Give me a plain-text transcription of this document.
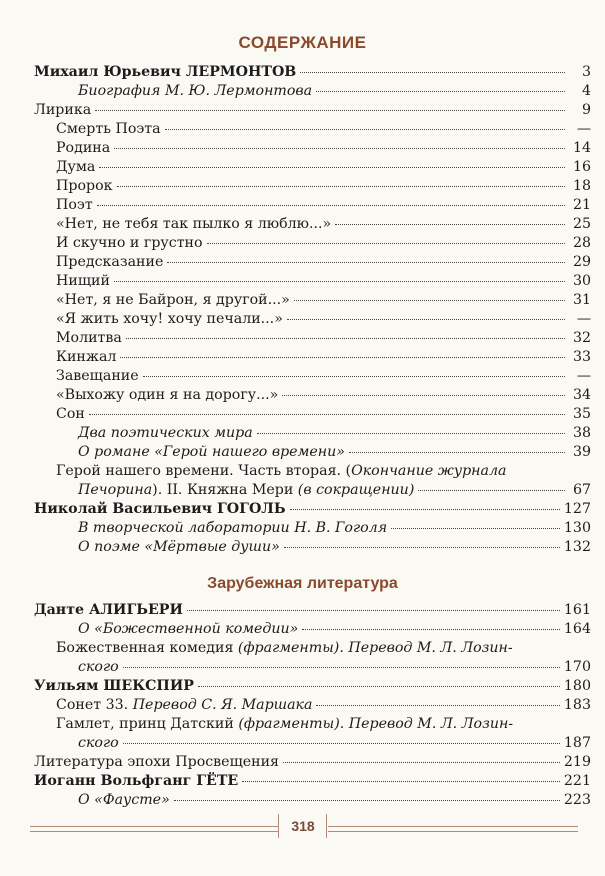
СОДЕРЖАНИЕ
Михаил Юрьевич ЛЕРМОНТОВ	3
Биография М. Ю. Лермонтова	4
Лирика	9
Смерть Поэта	—
Родина	14
Дума	16
Пророк	18
Поэт	21
«Нет, не тебя так пылко я люблю...»	25
И скучно и грустно	28
Предсказание	29
Нищий	30
«Нет, я не Байрон, я другой...»	31
«Я жить хочу! хочу печали...»	—
Молитва	32
Кинжал	33
Завещание	—
«Выхожу один я на дорогу...»	34
Сон	35
Два поэтических мира	38
О романе «Герой нашего времени»	39
Герой нашего времени. Часть вторая. (Окончание журнала
Печорина). II. Княжна Мери (в сокращении)	67
Николай Васильевич ГОГОЛЬ	127
В творческой лаборатории Н. В. Гоголя	130
О поэме «Мёртвые души»	132
Зарубежная литература
Данте АЛИГЬЕРИ	161
О «Божественной комедии»	164
Божественная комедия (фрагменты). Перевод М. Л. Лозин-
ского	170
Уильям ШЕКСПИР	180
Сонет 33. Перевод С. Я. Маршака	183
Гамлет, принц Датский (фрагменты). Перевод М. Л. Лозин-
ского	187
Литература эпохи Просвещения	219
Иоганн Вольфганг ГЁТЕ	221
О «Фаусте»	223
318
